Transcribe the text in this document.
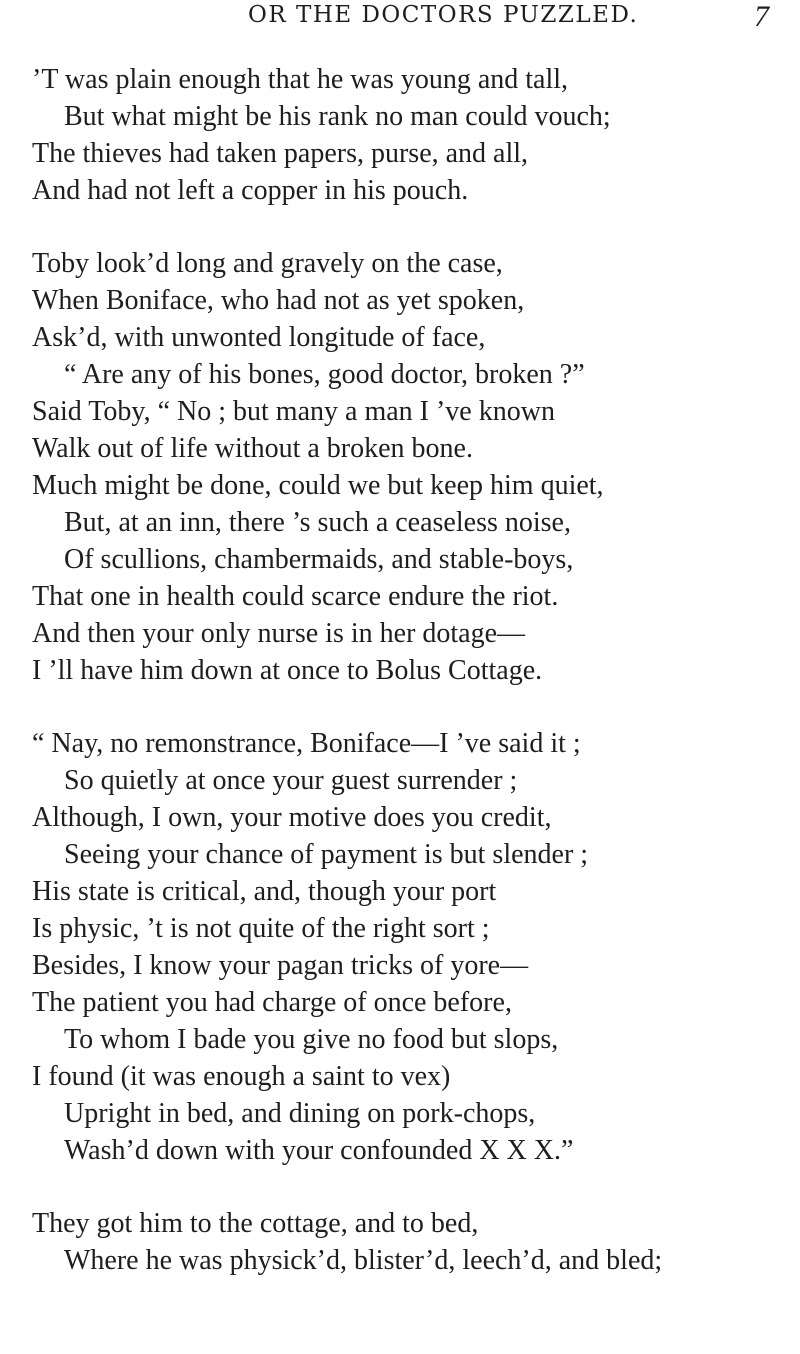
OR THE DOCTORS PUZZLED.	7

’T was plain enough that he was young and tall,

But what might be his rank no man could vouch;

The thieves had taken papers, purse, and all,

And had not left a copper in his pouch.

Toby look’d long and gravely on the case,

When Boniface, who had not as yet spoken,

Ask’d, with unwonted longitude of face,

“ Are any of his bones, good doctor, broken ?”

Said Toby, “ No ; but many a man I ’ve known

Walk out of life without a broken bone.

Much might be done, could we but keep him quiet,

But, at an inn, there ’s such a ceaseless noise,

Of scullions, chambermaids, and stable-boys,

That one in health could scarce endure the riot.

And then your only nurse is in her dotage—

I ’ll have him down at once to Bolus Cottage.

“ Nay, no remonstrance, Boniface—I ’ve said it ;

So quietly at once your guest surrender ;

Although, I own, your motive does you credit,

Seeing your chance of payment is but slender ;

His state is critical, and, though your port

Is physic, ’t is not quite of the right sort ;

Besides, I know your pagan tricks of yore—

The patient you had charge of once before,

To whom I bade you give no food but slops,

I found (it was enough a saint to vex)

Upright in bed, and dining on pork-chops,

Wash’d down with your confounded X X X.”

They got him to the cottage, and to bed,

Where he was physick’d, blister’d, leech’d, and bled;
